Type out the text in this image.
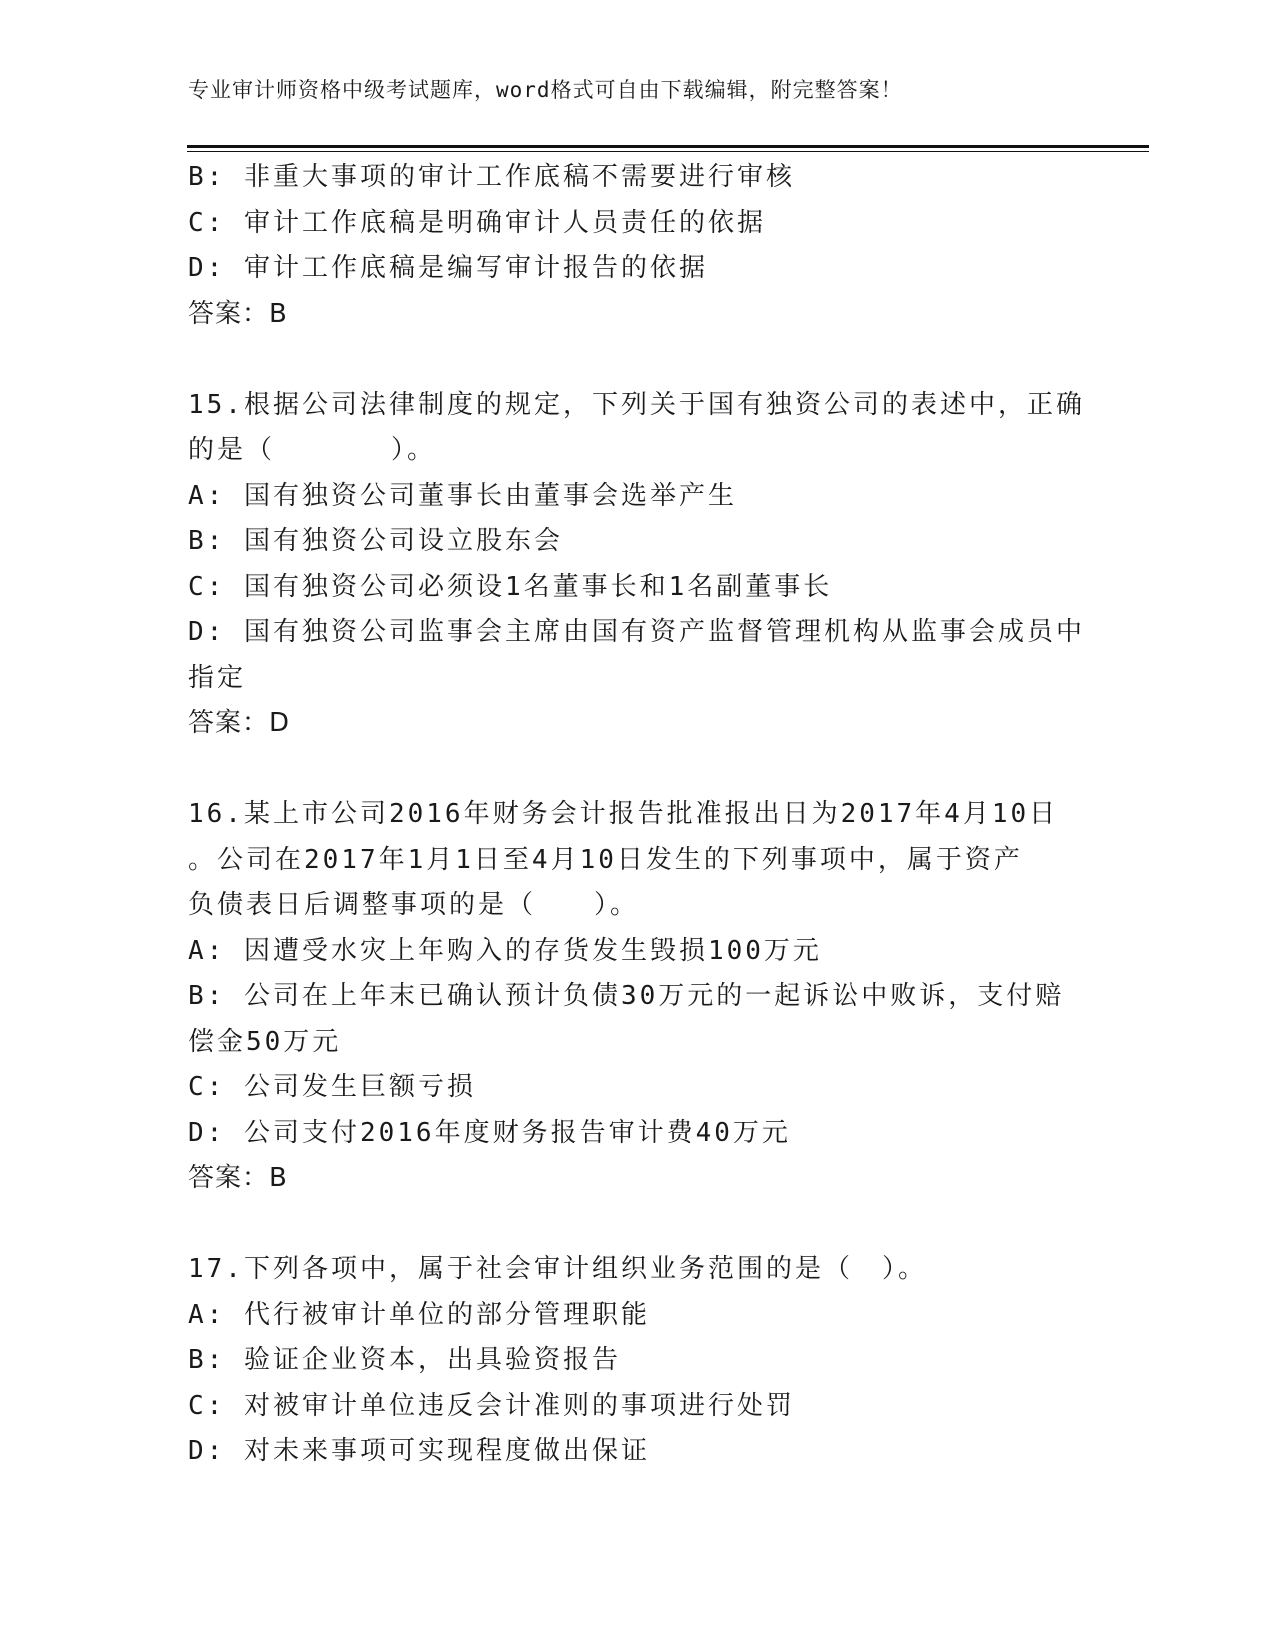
专业审计师资格中级考试题库，word格式可自由下载编辑，附完整答案！
B: 非重大事项的审计工作底稿不需要进行审核
C: 审计工作底稿是明确审计人员责任的依据
D: 审计工作底稿是编写审计报告的依据
答案：B
15.根据公司法律制度的规定，下列关于国有独资公司的表述中，正确
的是（　　　　）。
A: 国有独资公司董事长由董事会选举产生
B: 国有独资公司设立股东会
C: 国有独资公司必须设1名董事长和1名副董事长
D: 国有独资公司监事会主席由国有资产监督管理机构从监事会成员中
指定
答案：D
16.某上市公司2016年财务会计报告批准报出日为2017年4月10日
。公司在2017年1月1日至4月10日发生的下列事项中，属于资产
负债表日后调整事项的是（　　）。
A: 因遭受水灾上年购入的存货发生毁损100万元
B: 公司在上年末已确认预计负债30万元的一起诉讼中败诉，支付赔
偿金50万元
C: 公司发生巨额亏损
D: 公司支付2016年度财务报告审计费40万元
答案：B
17.下列各项中，属于社会审计组织业务范围的是（　）。
A: 代行被审计单位的部分管理职能
B: 验证企业资本，出具验资报告
C: 对被审计单位违反会计准则的事项进行处罚
D: 对未来事项可实现程度做出保证
